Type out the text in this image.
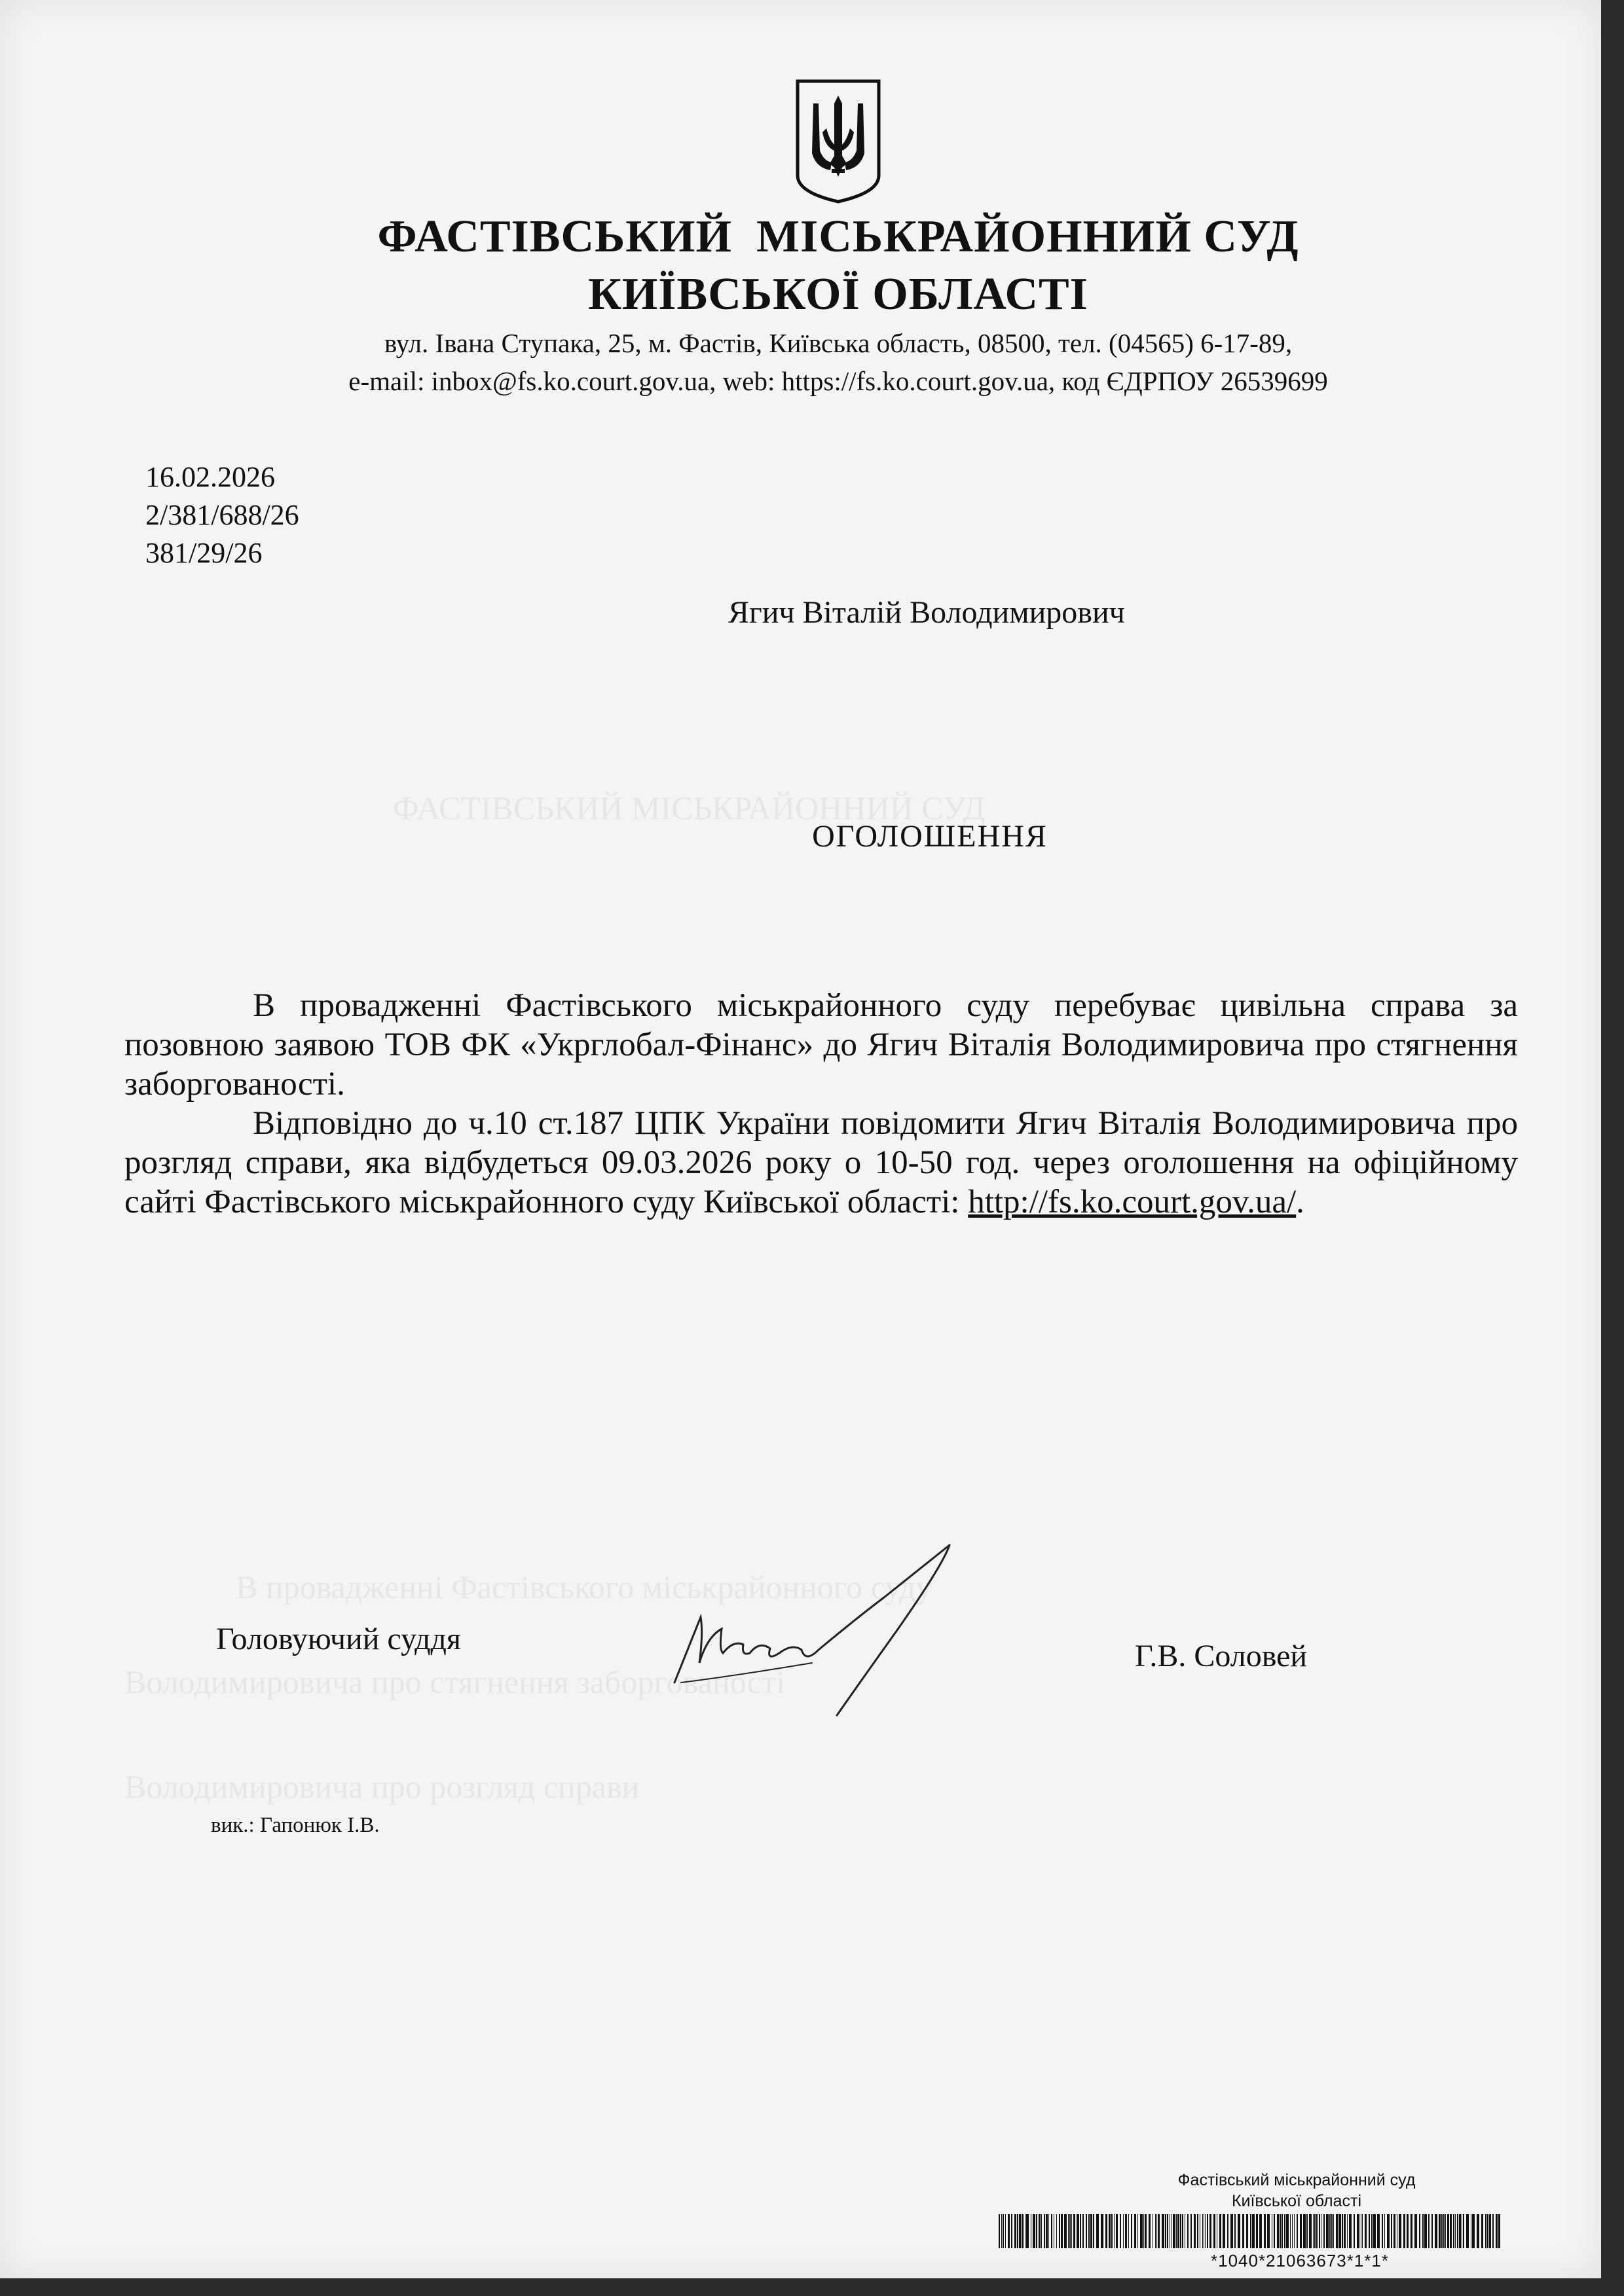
ФАСТІВСЬКИЙ МІСЬКРАЙОННИЙ СУД
В провадженні Фастівського міськрайонного суду
Володимировича про стягнення заборгованості
Володимировича про розгляд справи
ФАСТІВСЬКИЙ  МІСЬКРАЙОННИЙ СУД
КИЇВСЬКОЇ ОБЛАСТІ
вул. Івана Ступака, 25, м. Фастів, Київська область, 08500, тел. (04565) 6-17-89,
e-mail: inbox@fs.ko.court.gov.ua, web: https://fs.ko.court.gov.ua, код ЄДРПОУ 26539699
16.02.2026
2/381/688/26
381/29/26
Ягич Віталій Володимирович
ОГОЛОШЕННЯ

В провадженні Фастівського міськрайонного суду перебуває цивільна справа за позовною заявою ТОВ ФК «Укрглобал-Фінанс» до Ягич Віталія Володимировича про стягнення заборгованості.

Відповідно до ч.10 ст.187 ЦПК України повідомити Ягич Віталія Володимировича про розгляд справи, яка відбудеться 09.03.2026 року о 10-50 год. через оголошення на офіційному сайті Фастівського міськрайонного суду Київської області: http://fs.ko.court.gov.ua/.

Головуючий суддя	Г.В. Соловей
вик.: Гапонюк І.В.
Фастівський міськрайонний суд
Київської області
*1040*21063673*1*1*
